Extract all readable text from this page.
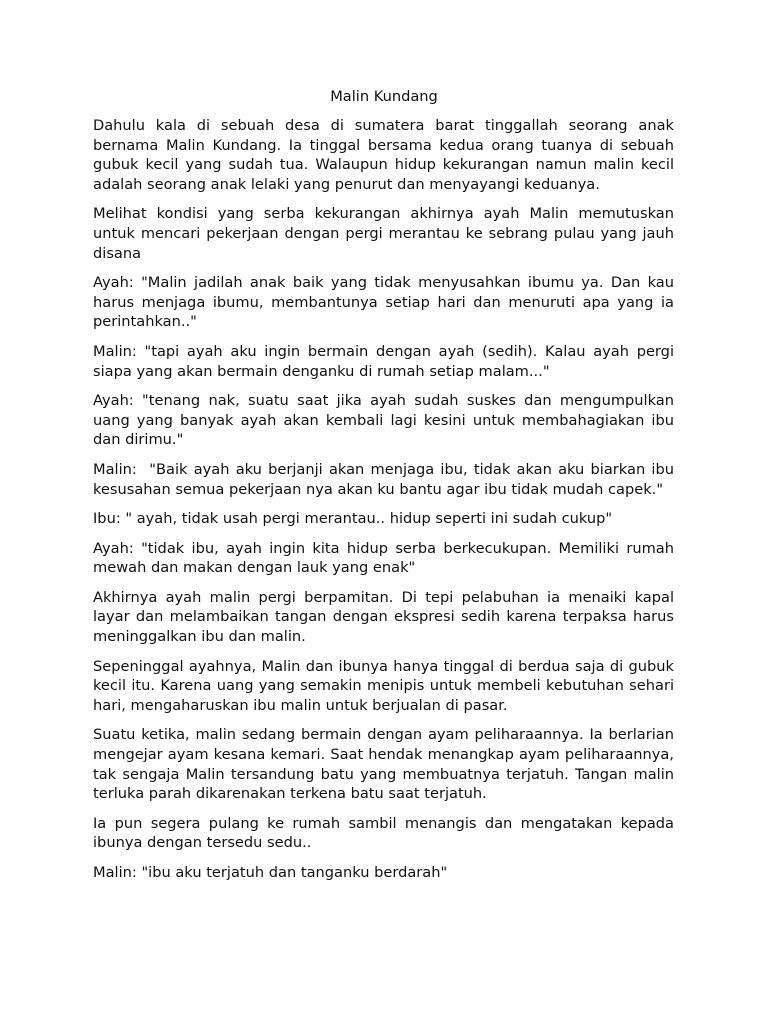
Malin Kundang

Dahulu kala di sebuah desa di sumatera barat tinggallah seorang anak bernama Malin Kundang. Ia tinggal bersama kedua orang tuanya di sebuah gubuk kecil yang sudah tua. Walaupun hidup kekurangan namun malin kecil adalah seorang anak lelaki yang penurut dan menyayangi keduanya.

Melihat kondisi yang serba kekurangan akhirnya ayah Malin memutuskan untuk mencari pekerjaan dengan pergi merantau ke sebrang pulau yang jauh disana

Ayah: "Malin jadilah anak baik yang tidak menyusahkan ibumu ya. Dan kau harus menjaga ibumu, membantunya setiap hari dan menuruti apa yang ia perintahkan.."

Malin: "tapi ayah aku ingin bermain dengan ayah (sedih). Kalau ayah pergi siapa yang akan bermain denganku di rumah setiap malam..."

Ayah: "tenang nak, suatu saat jika ayah sudah suskes dan mengumpulkan uang yang banyak ayah akan kembali lagi kesini untuk membahagiakan ibu dan dirimu."

Malin:  "Baik ayah aku berjanji akan menjaga ibu, tidak akan aku biarkan ibu kesusahan semua pekerjaan nya akan ku bantu agar ibu tidak mudah capek."

Ibu: " ayah, tidak usah pergi merantau.. hidup seperti ini sudah cukup"

Ayah: "tidak ibu, ayah ingin kita hidup serba berkecukupan. Memiliki rumah mewah dan makan dengan lauk yang enak"

Akhirnya ayah malin pergi berpamitan. Di tepi pelabuhan ia menaiki kapal layar dan melambaikan tangan dengan ekspresi sedih karena terpaksa harus meninggalkan ibu dan malin.

Sepeninggal ayahnya, Malin dan ibunya hanya tinggal di berdua saja di gubuk kecil itu. Karena uang yang semakin menipis untuk membeli kebutuhan sehari hari, mengaharuskan ibu malin untuk berjualan di pasar.

Suatu ketika, malin sedang bermain dengan ayam peliharaannya. Ia berlarian mengejar ayam kesana kemari. Saat hendak menangkap ayam peliharaannya, tak sengaja Malin tersandung batu yang membuatnya terjatuh. Tangan malin terluka parah dikarenakan terkena batu saat terjatuh.

Ia pun segera pulang ke rumah sambil menangis dan mengatakan kepada ibunya dengan tersedu sedu..

Malin: "ibu aku terjatuh dan tanganku berdarah"
